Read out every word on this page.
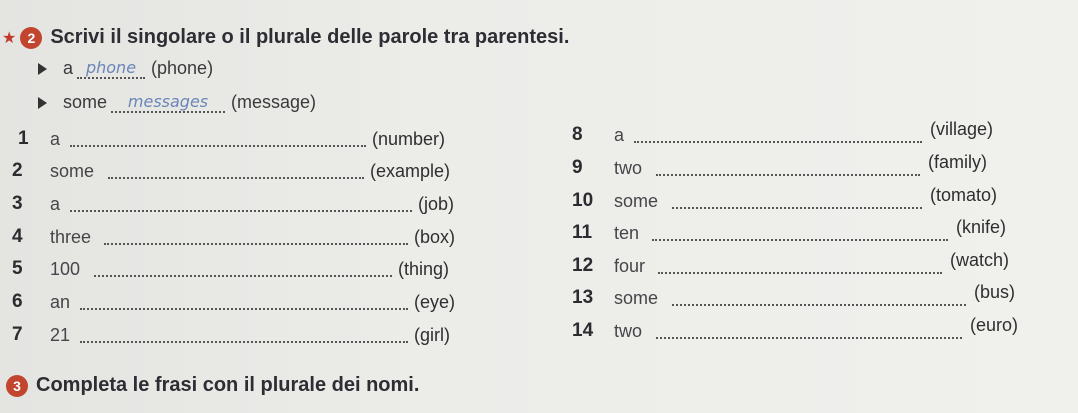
★ 2 Scrivi il singolare o il plurale delle parole tra parentesi.
a phone (phone)
some	messages	(message)
1 a	(number)
2 some	(example)
3 a	(job)
4 three	(box)
5 100	(thing)
6 an	(eye)
7 21	(girl)
8 a	(village)
9 two	(family)
10 some	(tomato)
11 ten	(knife)
12 four	(watch)
13 some	(bus)
14 two	(euro)
3 Completa le frasi con il plurale dei nomi.
